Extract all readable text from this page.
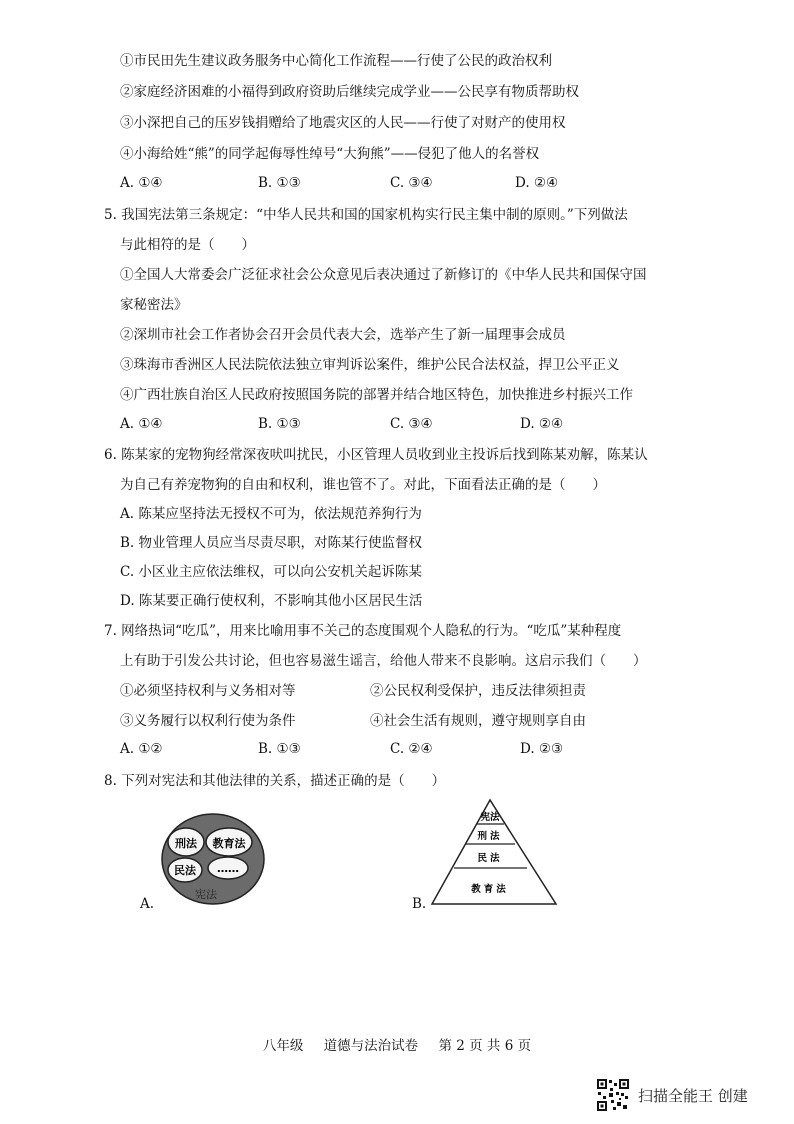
①市民田先生建议政务服务中心简化工作流程——行使了公民的政治权利
②家庭经济困难的小福得到政府资助后继续完成学业——公民享有物质帮助权
③小深把自己的压岁钱捐赠给了地震灾区的人民——行使了对财产的使用权
④小海给姓“熊”的同学起侮辱性绰号“大狗熊”——侵犯了他人的名誉权
A. ①④	B. ①③	C. ③④	D. ②④
5. 我国宪法第三条规定：“中华人民共和国的国家机构实行民主集中制的原则。”下列做法
与此相符的是（　　）
①全国人大常委会广泛征求社会公众意见后表决通过了新修订的《中华人民共和国保守国
家秘密法》
②深圳市社会工作者协会召开会员代表大会，选举产生了新一届理事会成员
③珠海市香洲区人民法院依法独立审判诉讼案件，维护公民合法权益，捍卫公平正义
④广西壮族自治区人民政府按照国务院的部署并结合地区特色，加快推进乡村振兴工作
A. ①④	B. ①③	C. ③④	D. ②④
6. 陈某家的宠物狗经常深夜吠叫扰民，小区管理人员收到业主投诉后找到陈某劝解，陈某认
为自己有养宠物狗的自由和权利，谁也管不了。对此，下面看法正确的是（　　）
A. 陈某应坚持法无授权不可为，依法规范养狗行为
B. 物业管理人员应当尽责尽职，对陈某行使监督权
C. 小区业主应依法维权，可以向公安机关起诉陈某
D. 陈某要正确行使权利，不影响其他小区居民生活
7. 网络热词“吃瓜”，用来比喻用事不关己的态度围观个人隐私的行为。“吃瓜”某种程度
上有助于引发公共讨论，但也容易滋生谣言，给他人带来不良影响。这启示我们（　　）
①必须坚持权利与义务相对等	②公民权利受保护，违反法律须担责
③义务履行以权利行使为条件	④社会生活有规则，遵守规则享自由
A. ①②	B. ①③	C. ②④	D. ②③
8. 下列对宪法和其他法律的关系，描述正确的是（　　）
A.
刑法 教育法
民法 ……
宪法
B.
宪法
刑法
民法
教育法
八年级 道德与法治试卷 第 2 页 共 6 页
扫描全能王 创建
